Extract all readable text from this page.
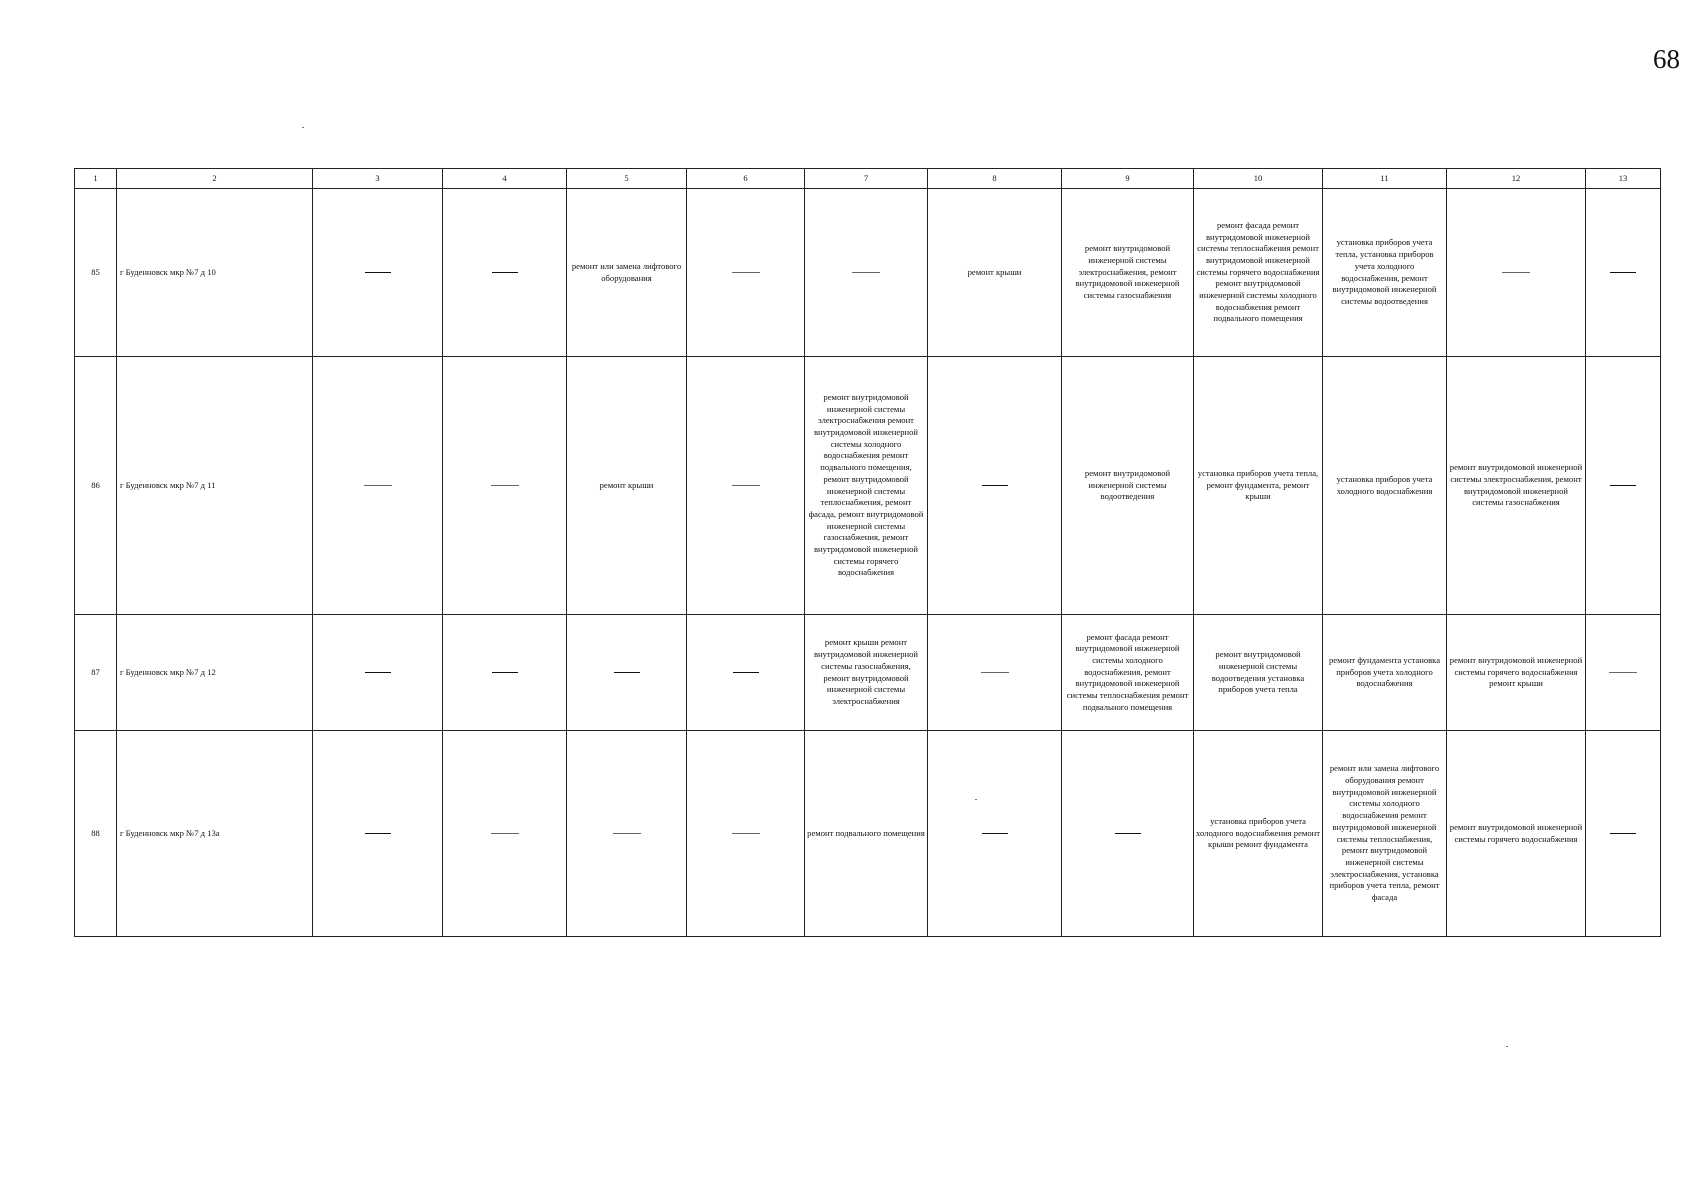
68
1	2	3	4	5	6	7	8	9	10	11	12	13
85	г Буденновск мкр №7 д 10			ремонт или замена лифтового оборудования			ремонт крыши	ремонт внутридомовой инженерной системы электроснабжения, ремонт внутридомовой инженерной системы газоснабжения	ремонт фасада ремонт внутридомовой инженерной системы теплоснабжения ремонт внутридомовой инженерной системы горячего водоснабжения ремонт внутридомовой инженерной системы холодного водоснабжения ремонт подвального помещения	установка приборов учета тепла, установка приборов учета холодного водоснабжения, ремонт внутридомовой инженерной системы водоотведения		
86	г Буденновск мкр №7 д 11			ремонт крыши		ремонт внутридомовой инженерной системы электроснабжения ремонт внутридомовой инженерной системы холодного водоснабжения ремонт подвального помещения, ремонт внутридомовой инженерной системы теплоснабжения, ремонт фасада, ремонт внутридомовой инженерной системы газоснабжения, ремонт внутридомовой инженерной системы горячего водоснабжения		ремонт внутридомовой инженерной системы водоотведения	установка приборов учета тепла, ремонт фундамента, ремонт крыши	установка приборов учета холодного водоснабжения	ремонт внутридомовой инженерной системы электроснабжения, ремонт внутридомовой инженерной системы газоснабжения	
87	г Буденновск мкр №7 д 12					ремонт крыши ремонт внутридомовой инженерной системы газоснабжения, ремонт внутридомовой инженерной системы электроснабжения		ремонт фасада ремонт внутридомовой инженерной системы холодного водоснабжения, ремонт внутридомовой инженерной системы теплоснабжения ремонт подвального помещения	ремонт внутридомовой инженерной системы водоотведения установка приборов учета тепла	ремонт фундамента установка приборов учета холодного водоснабжения	ремонт внутридомовой инженерной системы горячего водоснабжения ремонт крыши	
88	г Буденновск мкр №7 д 13а					ремонт подвального помещения			установка приборов учета холодного водоснабжения ремонт крыши ремонт фундамента	ремонт или замена лифтового оборудования ремонт внутридомовой инженерной системы холодного водоснабжения ремонт внутридомовой инженерной системы теплоснабжения, ремонт внутридомовой инженерной системы электроснабжения, установка приборов учета тепла, ремонт фасада	ремонт внутридомовой инженерной системы горячего водоснабжения	
